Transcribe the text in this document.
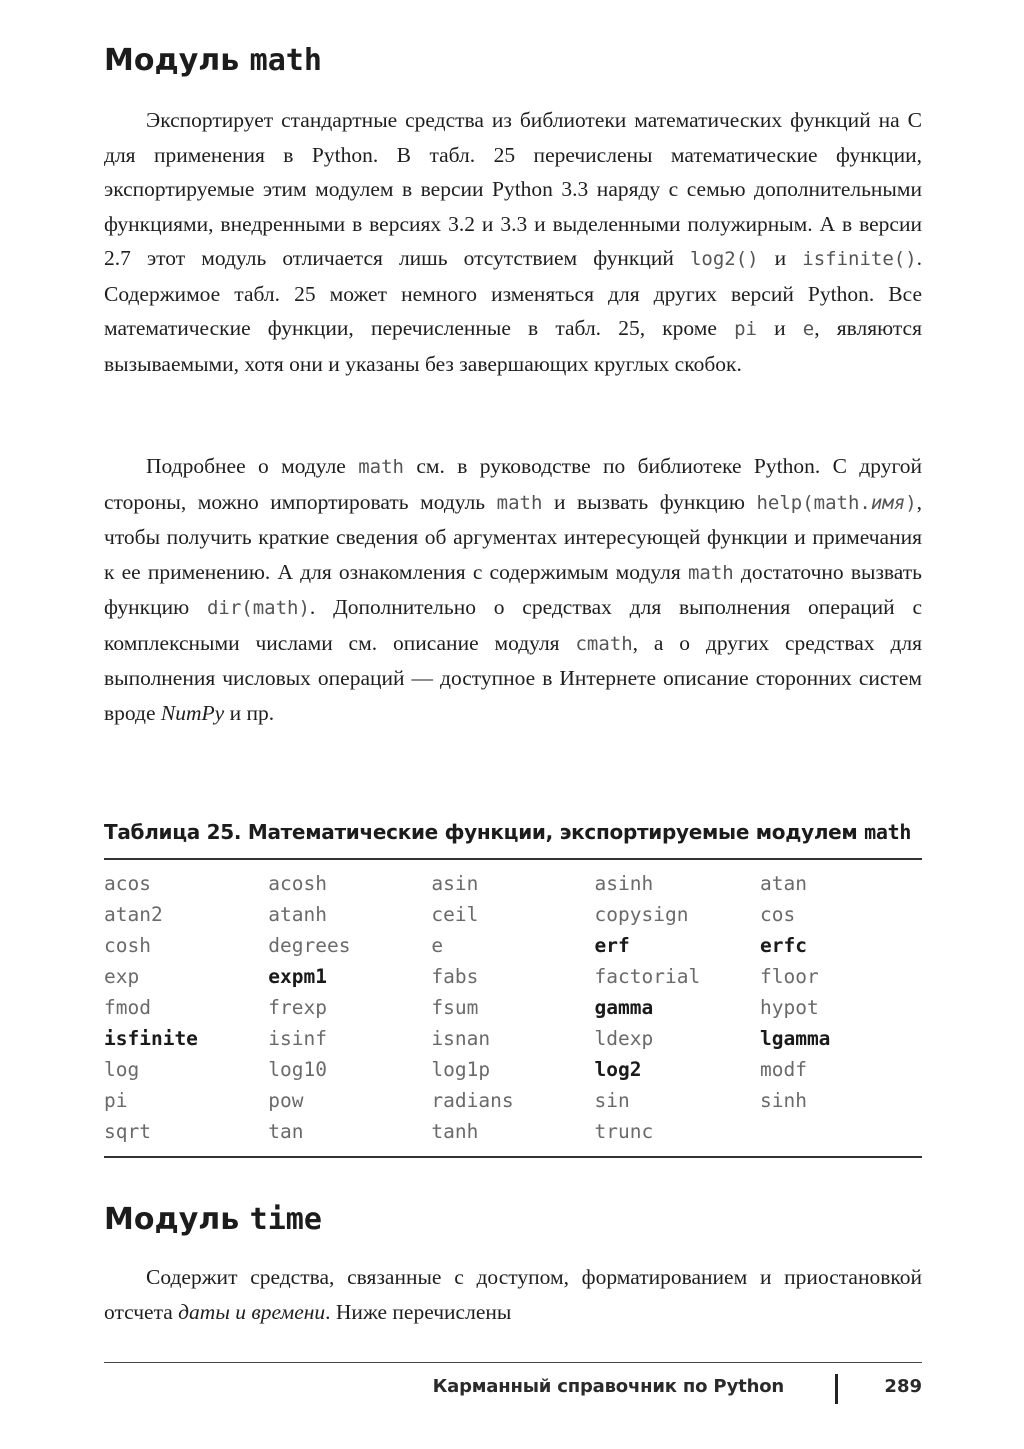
Модуль math

Экспортирует стандартные средства из библиотеки математических функций на С для применения в Python. В табл. 25 перечислены математические функции, экспортируемые этим модулем в версии Python 3.3 наряду с семью дополнительными функциями, внедренными в версиях 3.2 и 3.3 и выделенными полужирным. А в версии 2.7 этот модуль отличается лишь отсутствием функций log2() и isfinite(). Содержимое табл. 25 может немного изменяться для других версий Python. Все математические функции, перечисленные в табл. 25, кроме pi и e, являются вызываемыми, хотя они и указаны без завершающих круглых скобок.

Подробнее о модуле math см. в руководстве по библиотеке Python. С другой стороны, можно импортировать модуль math и вызвать функцию help(math.имя), чтобы получить краткие сведения об аргументах интересующей функции и примечания к ее применению. А для ознакомления с содержимым модуля math достаточно вызвать функцию dir(math). Дополнительно о средствах для выполнения операций с комплексными числами см. описание модуля cmath, а о других средствах для выполнения числовых операций — доступное в Интернете описание сторонних систем вроде NumPy и пр.

Таблица 25. Математические функции, экспортируемые модулем math
acos	acosh	asin	asinh	atan
atan2	atanh	ceil	copysign	cos
cosh	degrees	e	erf	erfc
exp	expm1	fabs	factorial	floor
fmod	frexp	fsum	gamma	hypot
isfinite	isinf	isnan	ldexp	lgamma
log	log10	log1p	log2	modf
pi	pow	radians	sin	sinh
sqrt	tan	tanh	trunc	
Модуль time

Содержит средства, связанные с доступом, форматированием и приостановкой отсчета даты и времени. Ниже перечислены

Карманный справочник по Python	289
